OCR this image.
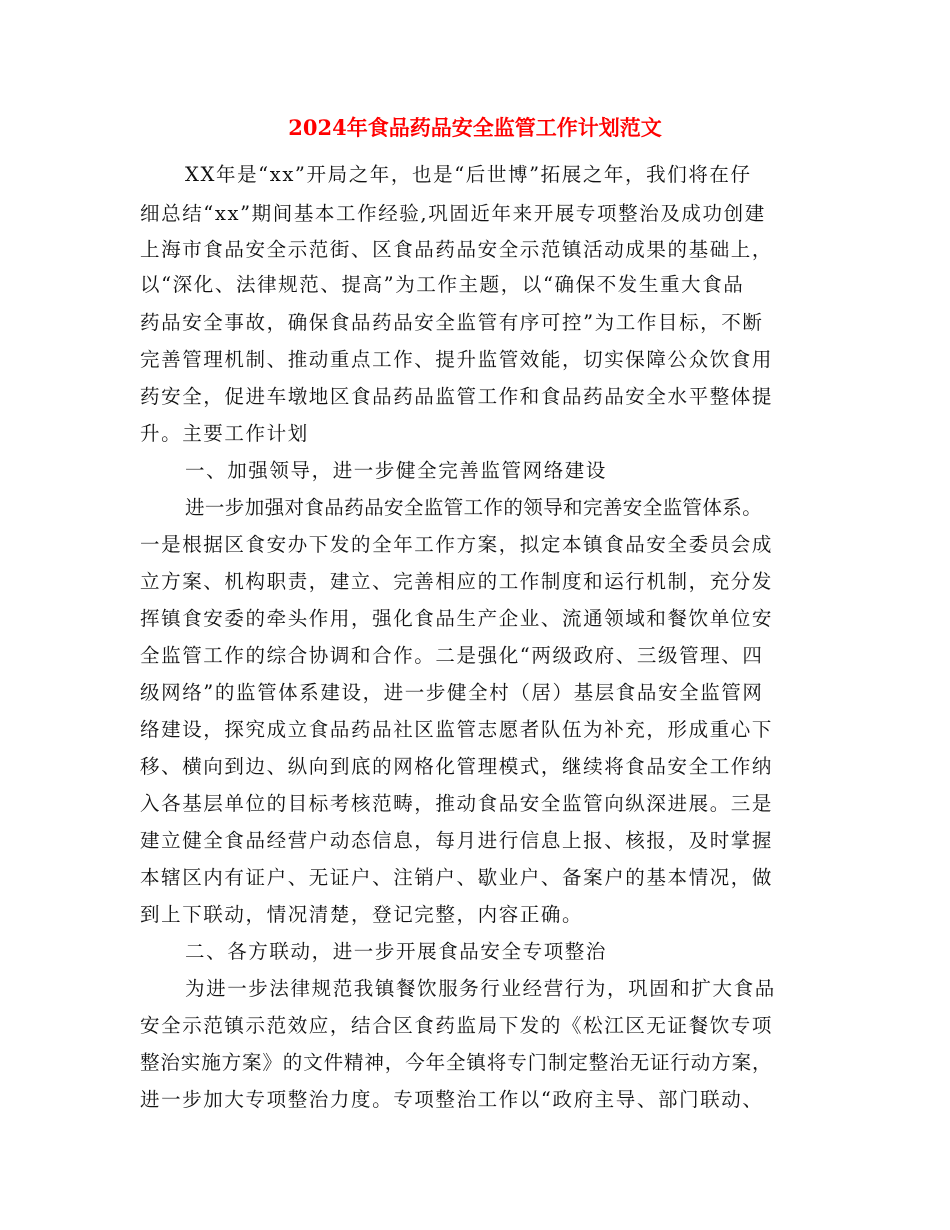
2024年食品药品安全监管工作计划范文
XX年是“xx”开局之年，也是“后世博”拓展之年，我们将在仔
细总结“xx”期间基本工作经验,巩固近年来开展专项整治及成功创建
上海市食品安全示范街、区食品药品安全示范镇活动成果的基础上，
以“深化、法律规范、提高”为工作主题，以“确保不发生重大食品
药品安全事故，确保食品药品安全监管有序可控”为工作目标，不断
完善管理机制、推动重点工作、提升监管效能，切实保障公众饮食用
药安全，促进车墩地区食品药品监管工作和食品药品安全水平整体提
升。主要工作计划
一、加强领导，进一步健全完善监管网络建设
进一步加强对食品药品安全监管工作的领导和完善安全监管体系。
一是根据区食安办下发的全年工作方案，拟定本镇食品安全委员会成
立方案、机构职责，建立、完善相应的工作制度和运行机制，充分发
挥镇食安委的牵头作用，强化食品生产企业、流通领域和餐饮单位安
全监管工作的综合协调和合作。二是强化“两级政府、三级管理、四
级网络”的监管体系建设，进一步健全村（居）基层食品安全监管网
络建设，探究成立食品药品社区监管志愿者队伍为补充，形成重心下
移、横向到边、纵向到底的网格化管理模式，继续将食品安全工作纳
入各基层单位的目标考核范畴，推动食品安全监管向纵深进展。三是
建立健全食品经营户动态信息，每月进行信息上报、核报，及时掌握
本辖区内有证户、无证户、注销户、歇业户、备案户的基本情况，做
到上下联动，情况清楚，登记完整，内容正确。
二、各方联动，进一步开展食品安全专项整治
为进一步法律规范我镇餐饮服务行业经营行为，巩固和扩大食品
安全示范镇示范效应，结合区食药监局下发的《松江区无证餐饮专项
整治实施方案》的文件精神，今年全镇将专门制定整治无证行动方案，
进一步加大专项整治力度。专项整治工作以“政府主导、部门联动、
